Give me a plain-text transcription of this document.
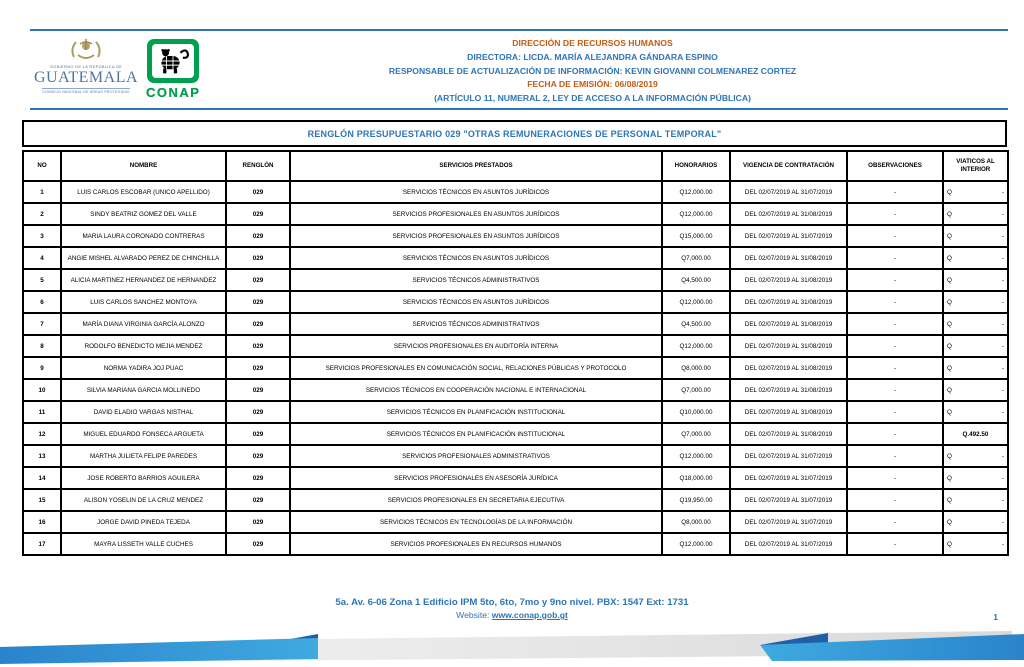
GOBIERNO DE LA REPÚBLICA DE
GUATEMALA
CONSEJO NACIONAL DE ÁREAS PROTEGIDAS CONAP
DIRECCIÓN DE RECURSOS HUMANOS
DIRECTORA: LICDA. MARÍA ALEJANDRA GÁNDARA ESPINO
RESPONSABLE DE ACTUALIZACIÓN DE INFORMACIÓN: KEVIN GIOVANNI COLMENAREZ CORTEZ
FECHA DE EMISIÓN: 06/08/2019
(ARTÍCULO 11, NUMERAL 2, LEY DE ACCESO A LA INFORMACIÓN PÚBLICA)
RENGLÓN PRESUPUESTARIO 029 "OTRAS REMUNERACIONES DE PERSONAL TEMPORAL"
NO	NOMBRE	RENGLÓN	SERVICIOS PRESTADOS	HONORARIOS	VIGENCIA DE CONTRATACIÓN	OBSERVACIONES	VIATICOS AL INTERIOR
1	LUIS CARLOS ESCOBAR (UNICO APELLIDO)	029	SERVICIOS TÉCNICOS EN ASUNTOS JURÍDICOS	Q12,000.00	DEL 02/07/2019 AL 31/07/2019	-	Q -

2	SINDY BEATRIZ GOMEZ DEL VALLE	029	SERVICIOS PROFESIONALES EN ASUNTOS JURÍDICOS	Q12,000.00	DEL 02/07/2019 AL 31/08/2019	-	Q -

3	MARIA LAURA CORONADO CONTRERAS	029	SERVICIOS PROFESIONALES EN ASUNTOS JURÍDICOS	Q15,000.00	DEL 02/07/2019 AL 31/07/2019	-	Q -

4	ANGIE MISHEL ALVARADO PEREZ DE CHINCHILLA	029	SERVICIOS TÉCNICOS EN ASUNTOS JURÍDICOS	Q7,000.00	DEL 02/07/2019 AL 31/08/2019	-	Q -

5	ALICIA MARTINEZ HERNANDEZ DE HERNANDEZ	029	SERVICIOS TÉCNICOS ADMINISTRATIVOS	Q4,500.00	DEL 02/07/2019 AL 31/08/2019	-	Q -

6	LUIS CARLOS SANCHEZ MONTOYA	029	SERVICIOS TÉCNICOS EN ASUNTOS JURÍDICOS	Q12,000.00	DEL 02/07/2019 AL 31/08/2019	-	Q -

7	MARÍA DIANA VIRGINIA GARCÍA ALONZO	029	SERVICIOS TÉCNICOS ADMINISTRATIVOS	Q4,500.00	DEL 02/07/2019 AL 31/08/2019	-	Q -

8	RODOLFO BENEDICTO MEJIA MENDEZ	029	SERVICIOS PROFESIONALES EN AUDITORÍA INTERNA	Q12,000.00	DEL 02/07/2019 AL 31/08/2019	-	Q -

9	NORMA YADIRA JOJ PUAC	029	SERVICIOS PROFESIONALES EN COMUNICACIÓN SOCIAL, RELACIONES PÚBLICAS Y PROTOCOLO	Q8,000.00	DEL 02/07/2019 AL 31/08/2019	-	Q -

10	SILVIA MARIANA GARCIA MOLLINEDO	029	SERVICIOS TÉCNICOS EN COOPERACIÓN NACIONAL E INTERNACIONAL	Q7,000.00	DEL 02/07/2019 AL 31/08/2019	-	Q -

11	DAVID ELADIO VARGAS NISTHAL	029	SERVICIOS TÉCNICOS EN PLANIFICACIÓN INSTITUCIONAL	Q10,000.00	DEL 02/07/2019 AL 31/08/2019	-	Q -

12	MIGUEL EDUARDO FONSECA ARGUETA	029	SERVICIOS TÉCNICOS EN PLANIFICACIÓN INSTITUCIONAL	Q7,000.00	DEL 02/07/2019 AL 31/08/2019	-	Q.492.50

13	MARTHA JULIETA FELIPE PAREDES	029	SERVICIOS PROFESIONALES ADMINISTRATIVOS	Q12,000.00	DEL 02/07/2019 AL 31/07/2019	-	Q -

14	JOSE ROBERTO BARRIOS AGUILERA	029	SERVICIOS PROFESIONALES EN ASESORÍA JURÍDICA	Q18,000.00	DEL 02/07/2019 AL 31/07/2019	-	Q -

15	ALISON YOSELIN DE LA CRUZ MENDEZ	029	SERVICIOS PROFESIONALES EN SECRETARIA EJECUTIVA	Q19,950.00	DEL 02/07/2019 AL 31/07/2019	-	Q -

16	JORGE DAVID PINEDA TEJEDA	029	SERVICIOS TÉCNICOS EN TECNOLOGÍAS DE LA INFORMACIÓN	Q8,000.00	DEL 02/07/2019 AL 31/07/2019	-	Q -

17	MAYRA LISSETH VALLE CUCHES	029	SERVICIOS PROFESIONALES EN RECURSOS HUMANOS	Q12,000.00	DEL 02/07/2019 AL 31/07/2019	-	Q -
5a. Av. 6-06 Zona 1 Edificio IPM 5to, 6to, 7mo y 9no nivel. PBX: 1547 Ext: 1731
Website: www.conap.gob.gt	1
